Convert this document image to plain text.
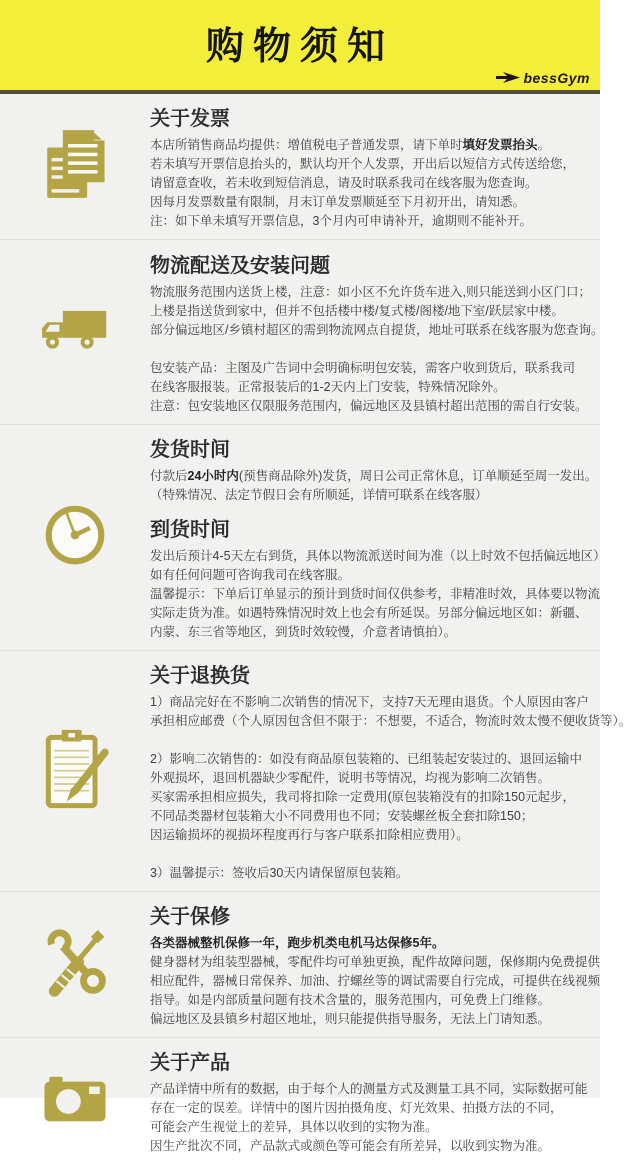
购物须知
bessGym
关于发票
本店所销售商品均提供：增值税电子普通发票，请下单时填好发票抬头。
若未填写开票信息抬头的，默认均开个人发票，开出后以短信方式传送给您，
请留意查收，若未收到短信消息，请及时联系我司在线客服为您查询。
因每月发票数量有限制，月末订单发票顺延至下月初开出，请知悉。
注：如下单未填写开票信息，3个月内可申请补开，逾期则不能补开。
物流配送及安装问题
物流服务范围内送货上楼，注意：如小区不允许货车进入,则只能送到小区门口；
上楼是指送货到家中，但并不包括楼中楼/复式楼/阁楼/地下室/跃层家中楼。
部分偏远地区/乡镇村超区的需到物流网点自提货，地址可联系在线客服为您查询。
包安装产品：主图及广告词中会明确标明包安装，需客户收到货后，联系我司
在线客服报装。正常报装后的1-2天内上门安装，特殊情况除外。
注意：包安装地区仅限服务范围内，偏远地区及县镇村超出范围的需自行安装。
发货时间
付款后24小时内(预售商品除外)发货，周日公司正常休息，订单顺延至周一发出。
（特殊情况、法定节假日会有所顺延，详情可联系在线客服）
到货时间
发出后预计4-5天左右到货，具体以物流派送时间为准（以上时效不包括偏远地区）
如有任何问题可咨询我司在线客服。
温馨提示：下单后订单显示的预计到货时间仅供参考，非精准时效，具体要以物流
实际走货为准。如遇特殊情况时效上也会有所延误。另部分偏远地区如：新疆、
内蒙、东三省等地区，到货时效较慢，介意者请慎拍）。
关于退换货
1）商品完好在不影响二次销售的情况下，支持7天无理由退货。个人原因由客户
承担相应邮费（个人原因包含但不限于：不想要，不适合，物流时效太慢不便收货等）。
2）影响二次销售的：如没有商品原包装箱的、已组装起安装过的、退回运输中
外观损坏，退回机器缺少零配件，说明书等情况，均视为影响二次销售。
买家需承担相应损失，我司将扣除一定费用(原包装箱没有的扣除150元起步，
不同品类器材包装箱大小不同费用也不同；安装螺丝板全套扣除150；
因运输损坏的视损坏程度再行与客户联系扣除相应费用）。
3）温馨提示：签收后30天内请保留原包装箱。
关于保修
各类器械整机保修一年，跑步机类电机马达保修5年。
健身器材为组装型器械，零配件均可单独更换，配件故障问题，保修期内免费提供
相应配件，器械日常保养、加油、拧螺丝等的调试需要自行完成，可提供在线视频
指导。如是内部质量问题有技术含量的，服务范围内，可免费上门维修。
偏远地区及县镇乡村超区地址，则只能提供指导服务，无法上门请知悉。
关于产品
产品详情中所有的数据，由于每个人的测量方式及测量工具不同，实际数据可能
存在一定的误差。详情中的图片因拍摄角度、灯光效果、拍摄方法的不同，
可能会产生视觉上的差异，具体以收到的实物为准。
因生产批次不同，产品款式或颜色等可能会有所差异，以收到实物为准。
